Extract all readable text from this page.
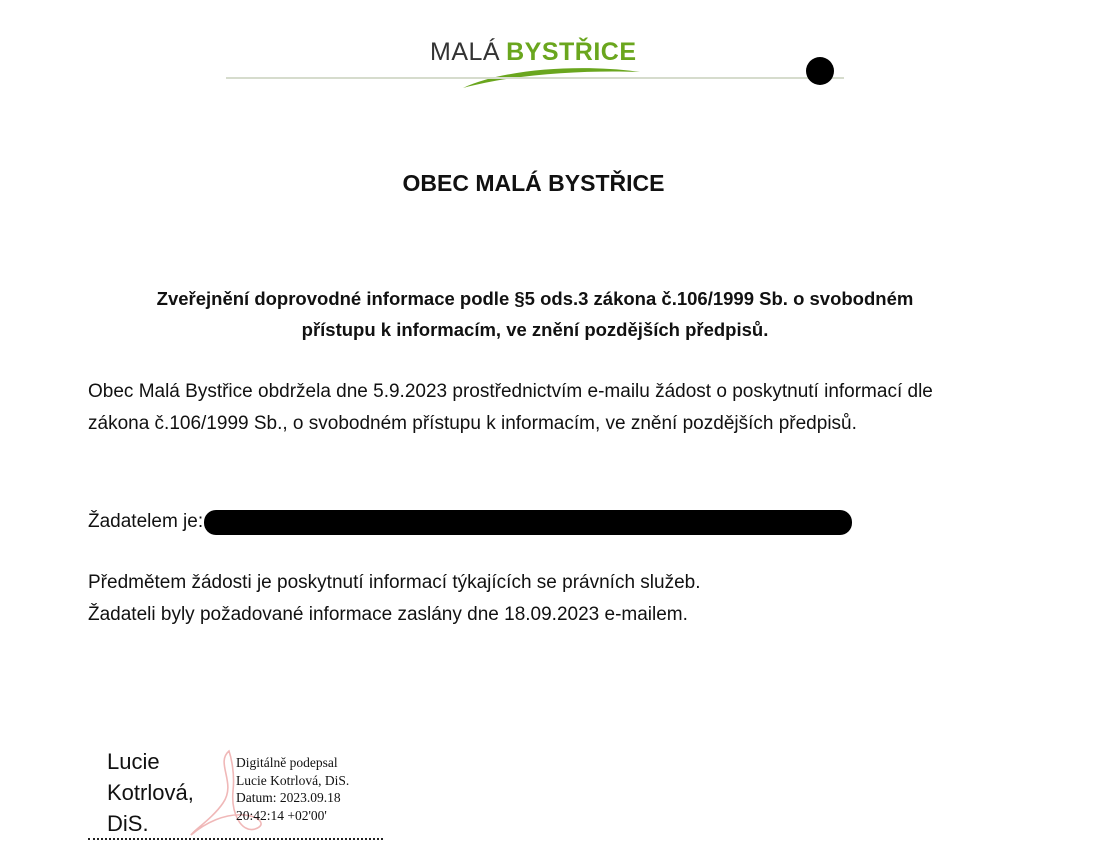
MALÁ BYSTŘICE
OBEC MALÁ BYSTŘICE
Zveřejnění doprovodné informace podle §5 ods.3 zákona č.106/1999 Sb. o svobodném
přístupu k informacím, ve znění pozdějších předpisů.
Obec Malá Bystřice obdržela dne 5.9.2023 prostřednictvím e-mailu žádost o poskytnutí informací dle zákona č.106/1999 Sb., o svobodném přístupu k informacím, ve znění pozdějších předpisů.
Žadatelem je:
Předmětem žádosti je poskytnutí informací týkajících se právních služeb.
Žadateli byly požadované informace zaslány dne 18.09.2023 e-mailem.
Lucie
Kotrlová,
DiS.
Digitálně podepsal
Lucie Kotrlová, DiS.
Datum: 2023.09.18
20:42:14 +02'00'
